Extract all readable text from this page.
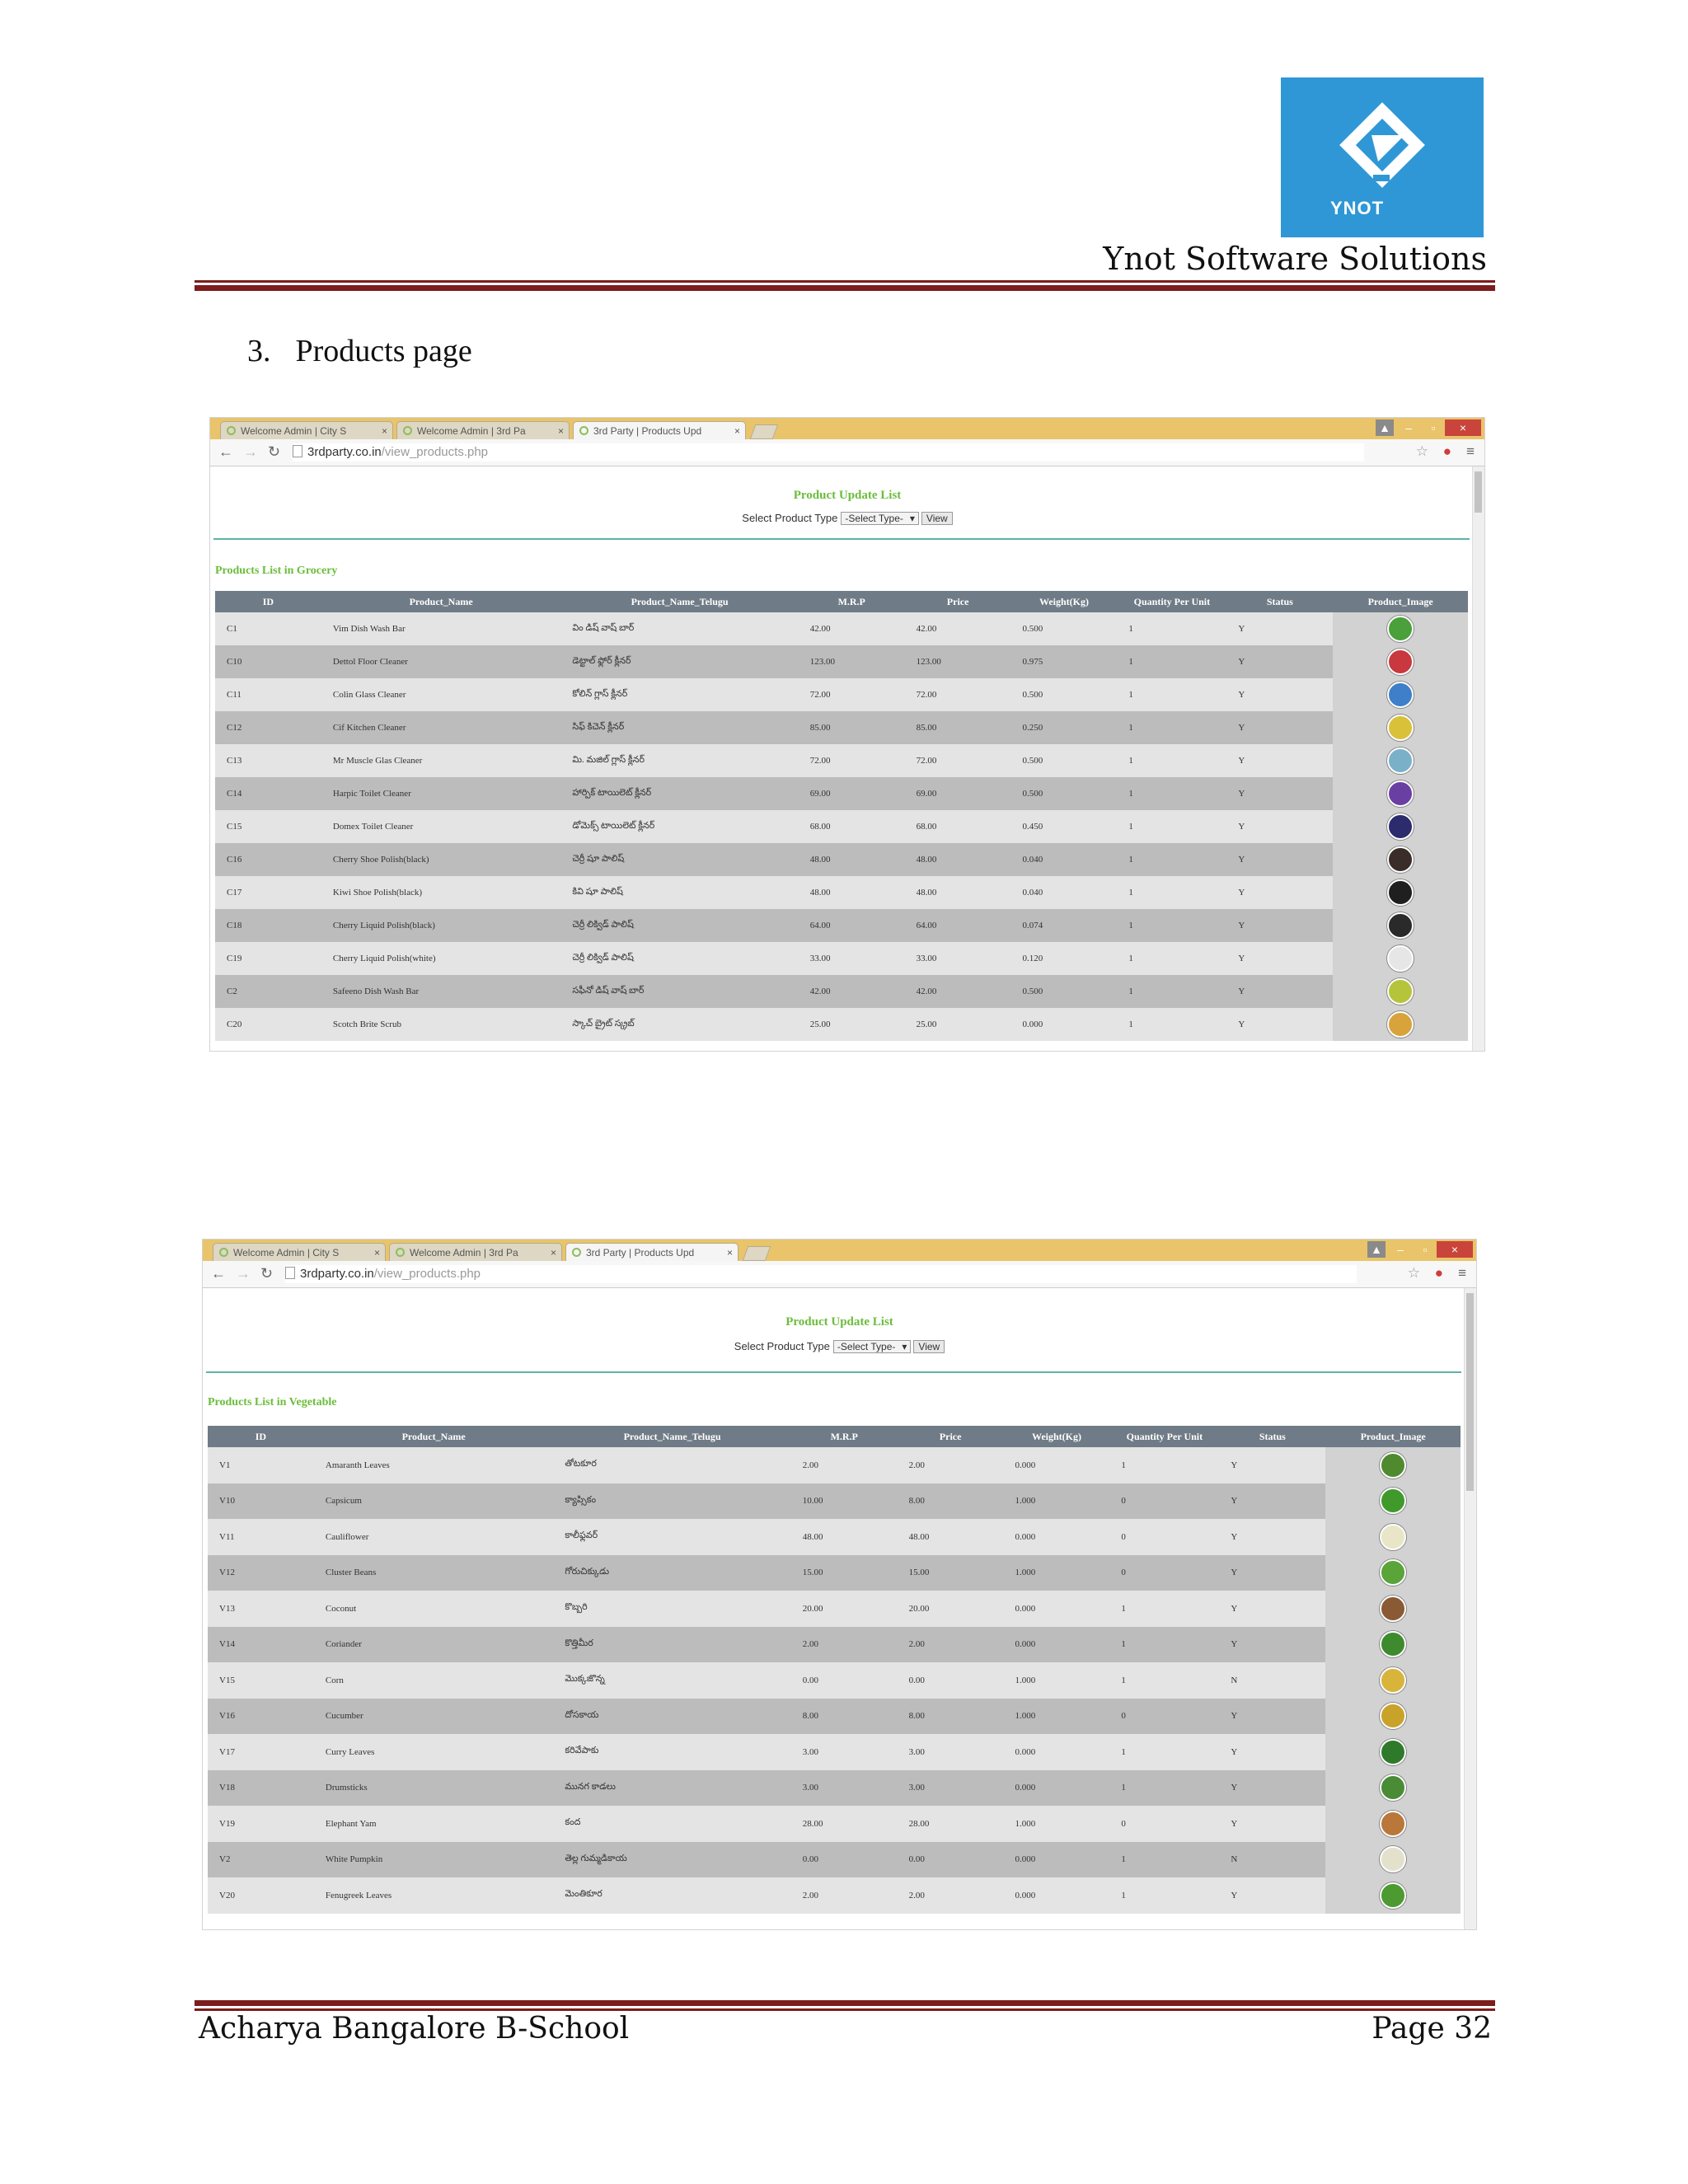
YNOT
Ynot Software Solutions
3. Products page
Welcome Admin | City S	×	Welcome Admin | 3rd Pa	×	3rd Party | Products Upd	×	▲	–	▫	×
← → ↻	3rdparty.co.in/view_products.php	☆ ● ≡
Product Update List
Select Product Type -Select Type- ▾ View
Products List in Grocery
ID	Product_Name	Product_Name_Telugu	M.R.P	Price	Weight(Kg)	Quantity Per Unit	Status	Product_Image
C1	Vim Dish Wash Bar	విం డిష్ వాష్ బార్	42.00	42.00	0.500	1	Y	
C10	Dettol Floor Cleaner	డెట్టాల్ ఫ్లోర్ క్లీనర్	123.00	123.00	0.975	1	Y	
C11	Colin Glass Cleaner	కోలిన్ గ్లాస్ క్లీనర్	72.00	72.00	0.500	1	Y	
C12	Cif Kitchen Cleaner	సిఫ్ కిచెన్ క్లీనర్	85.00	85.00	0.250	1	Y	
C13	Mr Muscle Glas Cleaner	మి. మజిల్ గ్లాస్ క్లీనర్	72.00	72.00	0.500	1	Y	
C14	Harpic Toilet Cleaner	హార్పిక్ టాయిలెట్ క్లీనర్	69.00	69.00	0.500	1	Y	
C15	Domex Toilet Cleaner	డోమెక్స్ టాయిలెట్ క్లీనర్	68.00	68.00	0.450	1	Y	
C16	Cherry Shoe Polish(black)	చెర్రీ షూ పాలిష్	48.00	48.00	0.040	1	Y	
C17	Kiwi Shoe Polish(black)	కివి షూ పాలిష్	48.00	48.00	0.040	1	Y	
C18	Cherry Liquid Polish(black)	చెర్రీ లిక్విడ్ పాలిష్	64.00	64.00	0.074	1	Y	
C19	Cherry Liquid Polish(white)	చెర్రీ లిక్విడ్ పాలిష్	33.00	33.00	0.120	1	Y	
C2	Safeeno Dish Wash Bar	సఫీనో డిష్ వాష్ బార్	42.00	42.00	0.500	1	Y	
C20	Scotch Brite Scrub	స్కాచ్ బ్రైట్ స్క్రబ్	25.00	25.00	0.000	1	Y	
Welcome Admin | City S	×	Welcome Admin | 3rd Pa	×	3rd Party | Products Upd	×	▲	–	▫	×
← → ↻	3rdparty.co.in/view_products.php	☆ ● ≡
Product Update List
Select Product Type -Select Type- ▾ View
Products List in Vegetable
ID	Product_Name	Product_Name_Telugu	M.R.P	Price	Weight(Kg)	Quantity Per Unit	Status	Product_Image
V1	Amaranth Leaves	తోటకూర	2.00	2.00	0.000	1	Y	
V10	Capsicum	క్యాప్సికం	10.00	8.00	1.000	0	Y	
V11	Cauliflower	కాలీఫ్లవర్	48.00	48.00	0.000	0	Y	
V12	Cluster Beans	గోరుచిక్కుడు	15.00	15.00	1.000	0	Y	
V13	Coconut	కొబ్బరి	20.00	20.00	0.000	1	Y	
V14	Coriander	కొత్తిమీర	2.00	2.00	0.000	1	Y	
V15	Corn	మొక్కజొన్న	0.00	0.00	1.000	1	N	
V16	Cucumber	దోసకాయ	8.00	8.00	1.000	0	Y	
V17	Curry Leaves	కరివేపాకు	3.00	3.00	0.000	1	Y	
V18	Drumsticks	మునగ కాడలు	3.00	3.00	0.000	1	Y	
V19	Elephant Yam	కంద	28.00	28.00	1.000	0	Y	
V2	White Pumpkin	తెల్ల గుమ్మడికాయ	0.00	0.00	0.000	1	N	
V20	Fenugreek Leaves	మెంతికూర	2.00	2.00	0.000	1	Y	
Acharya Bangalore B-School	Page 32
